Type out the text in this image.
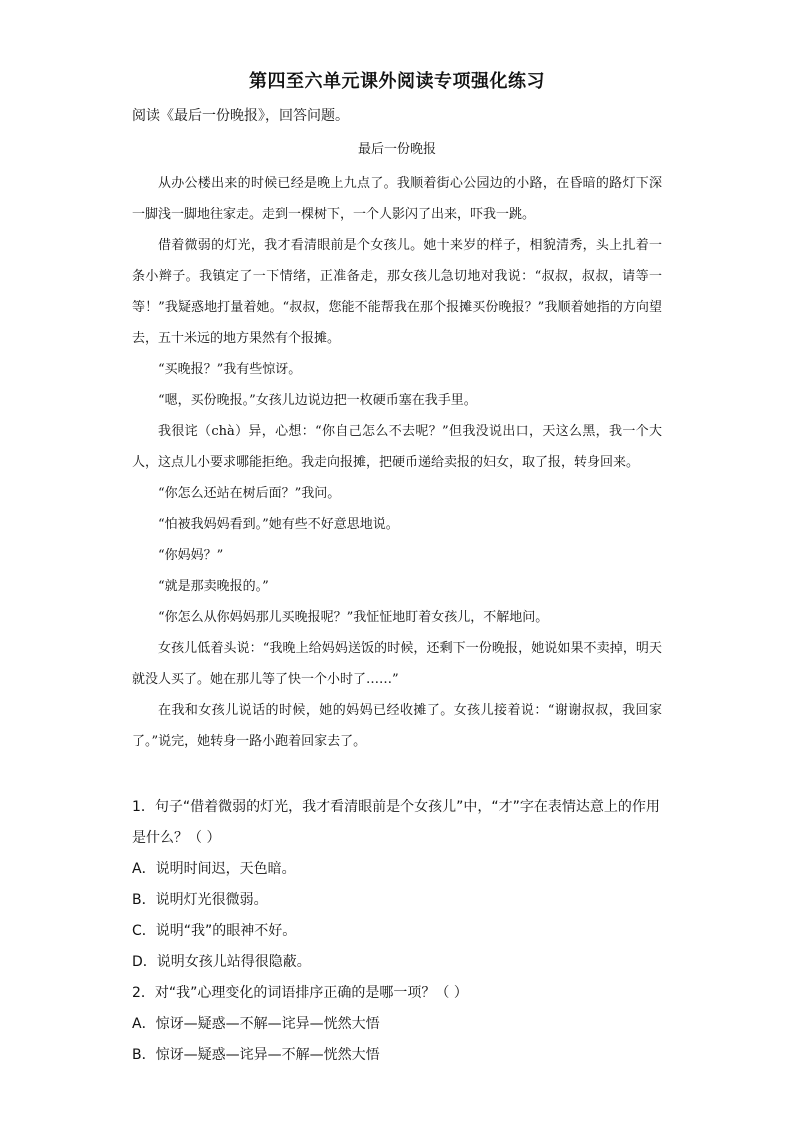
第四至六单元课外阅读专项强化练习
阅读《最后一份晚报》，回答问题。
最后一份晚报

从办公楼出来的时候已经是晚上九点了。我顺着街心公园边的小路，在昏暗的路灯下深一脚浅一脚地往家走。走到一棵树下，一个人影闪了出来，吓我一跳。

借着微弱的灯光，我才看清眼前是个女孩儿。她十来岁的样子，相貌清秀，头上扎着一条小辫子。我镇定了一下情绪，正准备走，那女孩儿急切地对我说：“叔叔，叔叔，请等一等！”我疑惑地打量着她。“叔叔，您能不能帮我在那个报摊买份晚报？”我顺着她指的方向望去，五十米远的地方果然有个报摊。

“买晚报？”我有些惊讶。

“嗯，买份晚报。”女孩儿边说边把一枚硬币塞在我手里。

我很诧（chà）异，心想：“你自己怎么不去呢？”但我没说出口，天这么黑，我一个大人，这点儿小要求哪能拒绝。我走向报摊，把硬币递给卖报的妇女，取了报，转身回来。

“你怎么还站在树后面？”我问。

“怕被我妈妈看到。”她有些不好意思地说。

“你妈妈？”

“就是那卖晚报的。”

“你怎么从你妈妈那儿买晚报呢？”我怔怔地盯着女孩儿，不解地问。

女孩儿低着头说：“我晚上给妈妈送饭的时候，还剩下一份晚报，她说如果不卖掉，明天就没人买了。她在那儿等了快一个小时了……”

在我和女孩儿说话的时候，她的妈妈已经收摊了。女孩儿接着说：“谢谢叔叔，我回家了。”说完，她转身一路小跑着回家去了。

1．句子“借着微弱的灯光，我才看清眼前是个女孩儿”中，“才”字在表情达意上的作用是什么？（ ）

A．说明时间迟，天色暗。

B．说明灯光很微弱。

C．说明“我”的眼神不好。

D．说明女孩儿站得很隐蔽。

2．对“我”心理变化的词语排序正确的是哪一项？（ ）

A．惊讶—疑惑—不解—诧异—恍然大悟

B．惊讶—疑惑—诧异—不解—恍然大悟
